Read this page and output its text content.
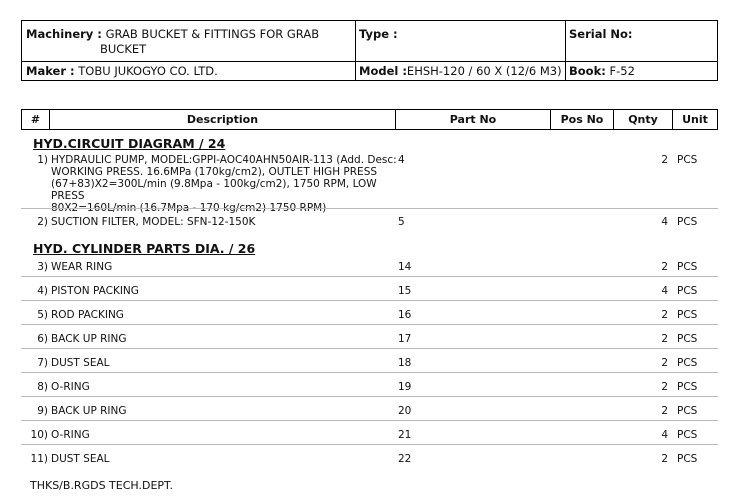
Machinery : GRAB BUCKET & FITTINGS FOR GRAB
BUCKET
Type :	Serial No:
Maker : TOBU JUKOGYO CO. LTD.	Model :EHSH-120 / 60 X (12/6 M3) Book: F-52
#	Description	Part No	Pos No	Qnty	Unit
HYD.CIRCUIT DIAGRAM / 24
1) HYDRAULIC PUMP, MODEL:GPPI-AOC40AHN50AIR-113 (Add. Desc:
WORKING PRESS. 16.6MPa (170kg/cm2), OUTLET HIGH PRESS
(67+83)X2=300L/min (9.8Mpa - 100kg/cm2), 1750 RPM, LOW PRESS
80X2=160L/min (16.7Mpa - 170 kg/cm2) 1750 RPM)
4	2 PCS
2) SUCTION FILTER, MODEL: SFN-12-150K	5	4 PCS
HYD. CYLINDER PARTS DIA. / 26
3) WEAR RING	14	2 PCS
4) PISTON PACKING	15	4 PCS
5) ROD PACKING	16	2 PCS
6) BACK UP RING	17	2 PCS
7) DUST SEAL	18	2 PCS
8) O-RING	19	2 PCS
9) BACK UP RING	20	2 PCS
10) O-RING	21	4 PCS
11) DUST SEAL	22	2 PCS
THKS/B.RGDS TECH.DEPT.
